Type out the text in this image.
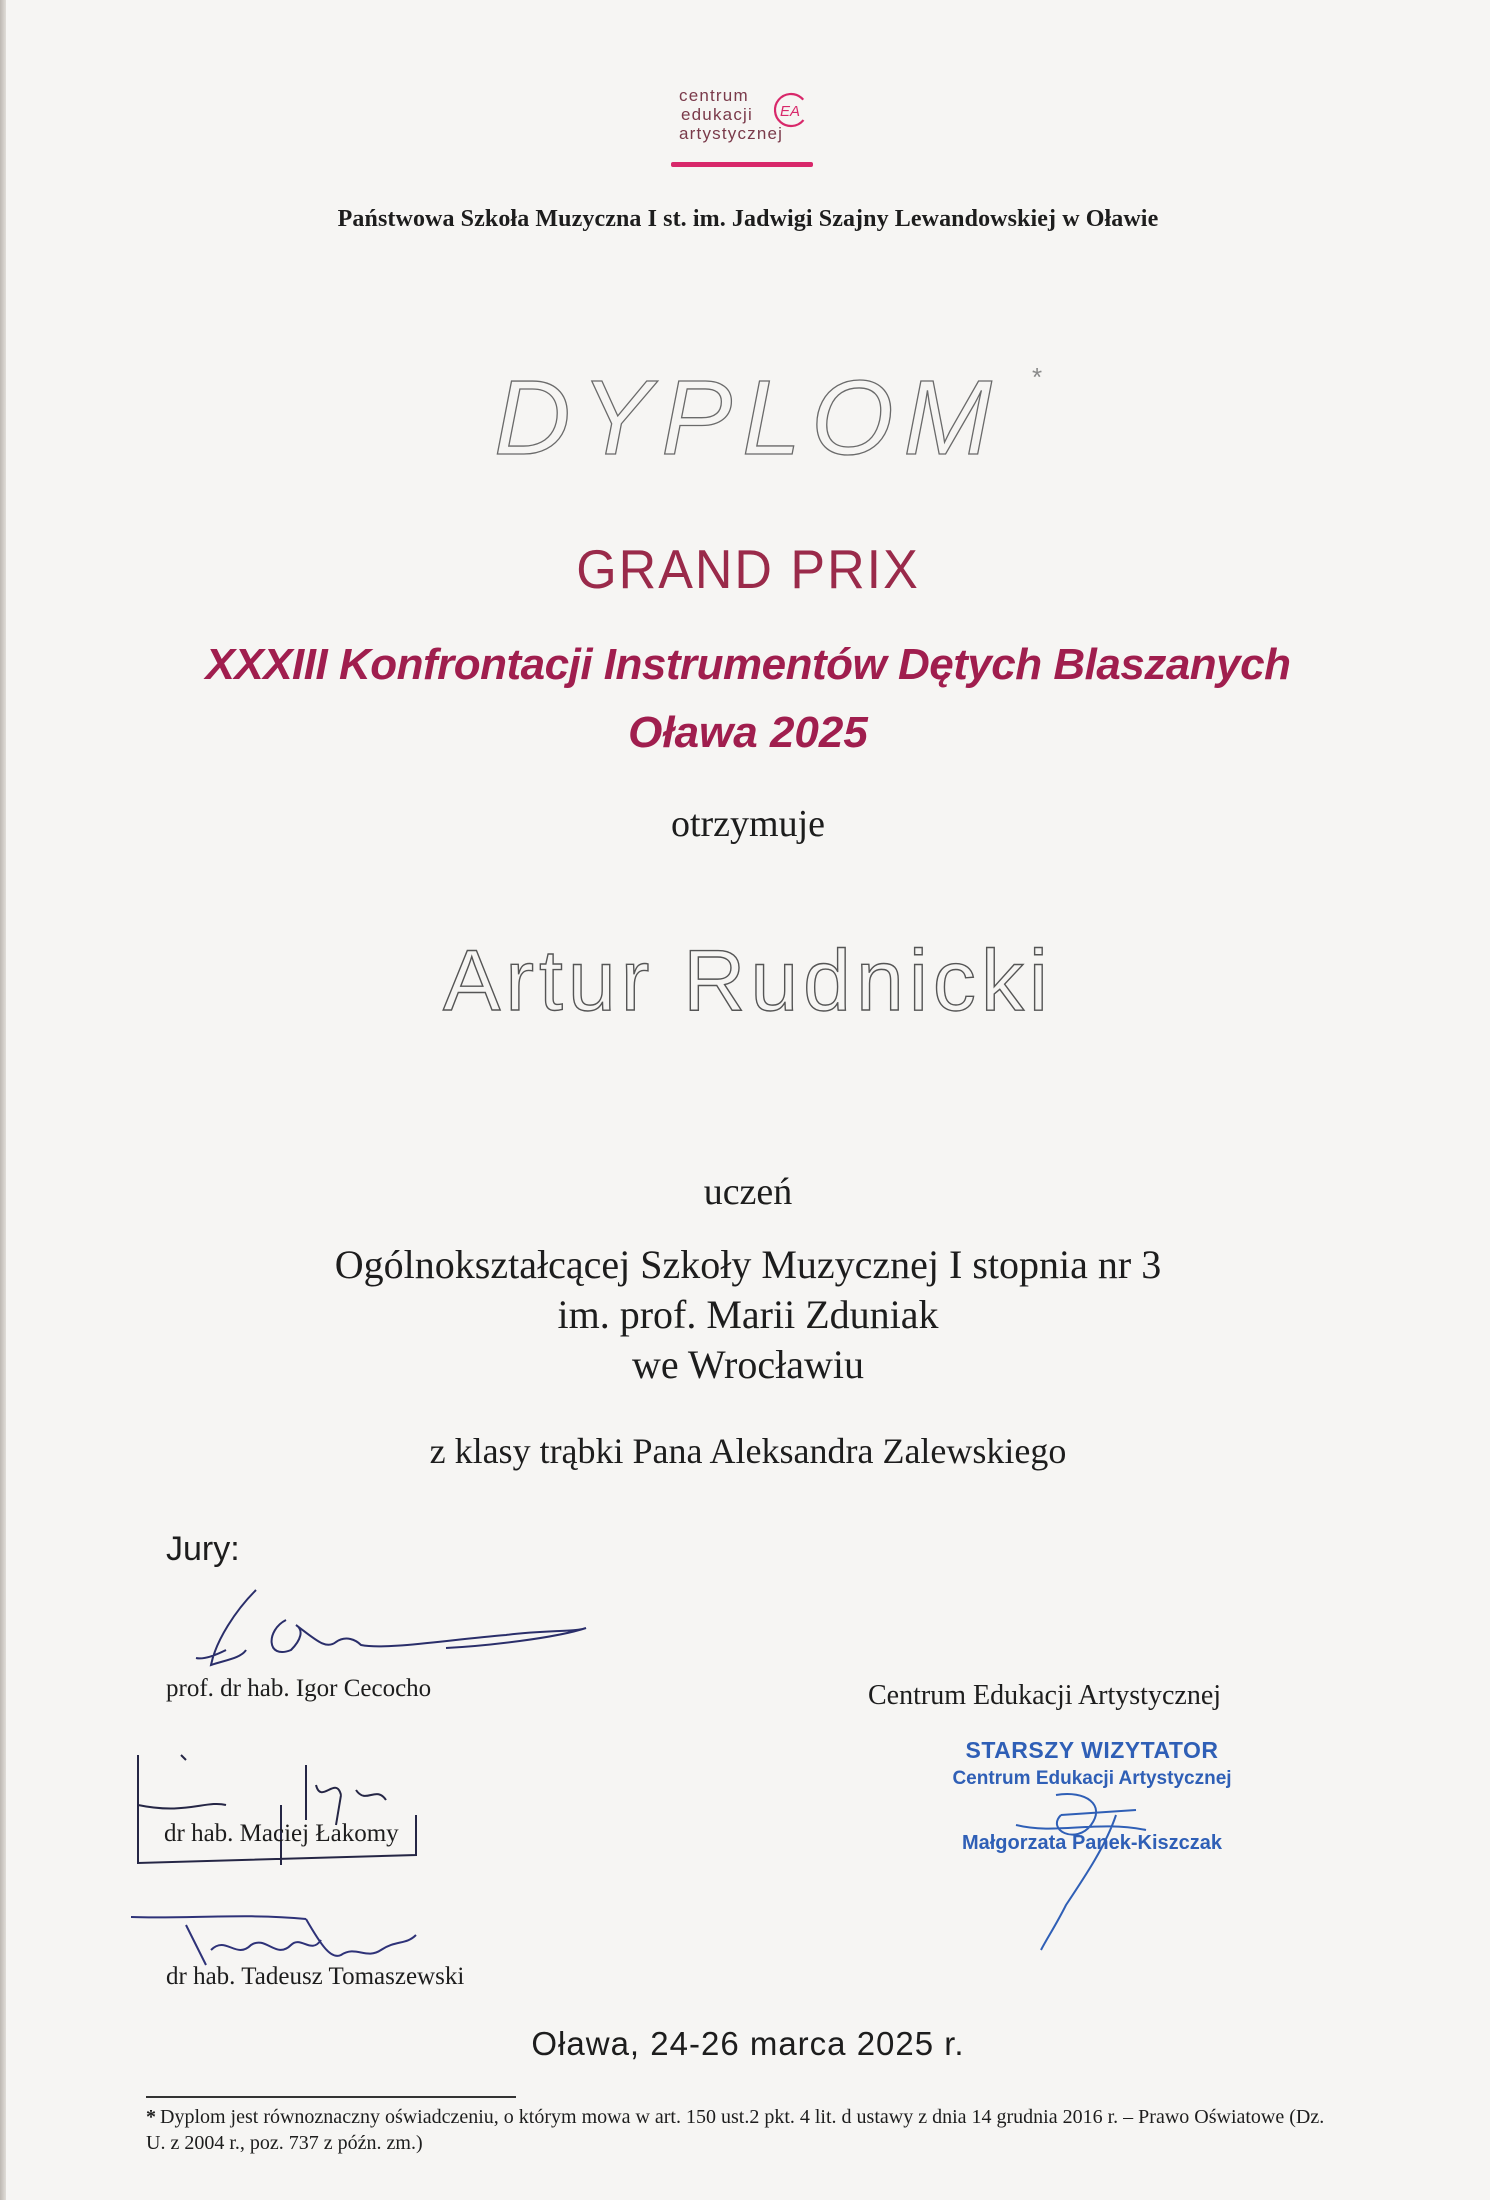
centrum
edukacji
artystycznej
EA
Państwowa Szkoła Muzyczna I st. im. Jadwigi Szajny Lewandowskiej w Oławie
DYPLOM	*
GRAND PRIX
XXXIII Konfrontacji Instrumentów Dętych Blaszanych
Oława 2025
otrzymuje
Artur Rudnicki
uczeń
Ogólnokształcącej Szkoły Muzycznej I stopnia nr 3
im. prof. Marii Zduniak
we Wrocławiu
z klasy trąbki Pana Aleksandra Zalewskiego
Jury:
prof. dr hab. Igor Cecocho
dr hab. Maciej Łakomy
dr hab. Tadeusz Tomaszewski
Centrum Edukacji Artystycznej
STARSZY WIZYTATOR
Centrum Edukacji Artystycznej
Małgorzata Panek-Kiszczak
Oława, 24-26 marca 2025 r.
* Dyplom jest równoznaczny oświadczeniu, o którym mowa w art. 150 ust.2 pkt. 4 lit. d ustawy z dnia 14 grudnia 2016 r. – Prawo Oświatowe (Dz. U. z 2004 r., poz. 737 z późn. zm.)
